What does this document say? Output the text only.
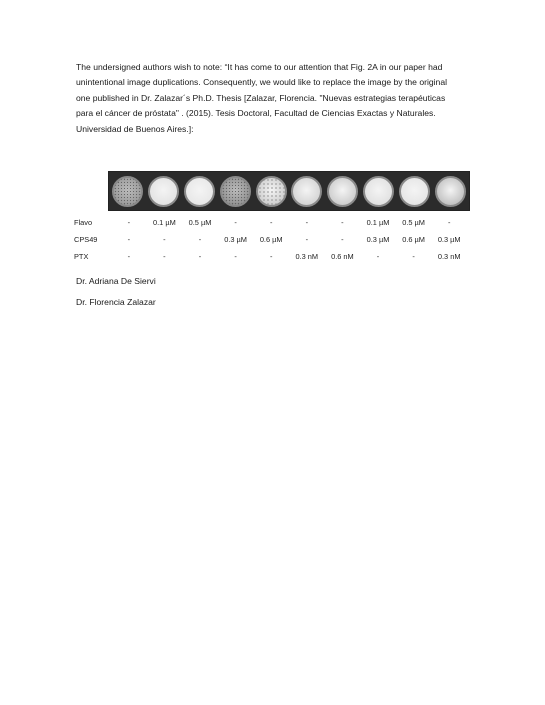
The undersigned authors wish to note: “It has come to our attention that Fig. 2A in our paper had
unintentional image duplications. Consequently, we would like to replace the image by the original
one published in Dr. Zalazar´s Ph.D. Thesis [Zalazar, Florencia. "Nuevas estrategias terapéuticas
para el cáncer de próstata" . (2015). Tesis Doctoral, Facultad de Ciencias Exactas y Naturales.
Universidad de Buenos Aires.]:

Flavo	-	0.1 µM	0.5 µM	-	-	-	-	0.1 µM	0.5 µM	-
CPS49	-	-	-	0.3 µM	0.6 µM	-	-	0.3 µM	0.6 µM	0.3 µM
PTX	-	-	-	-	-	0.3 nM	0.6 nM	-	-	0.3 nM
Dr. Adriana De Siervi
Dr. Florencia Zalazar
